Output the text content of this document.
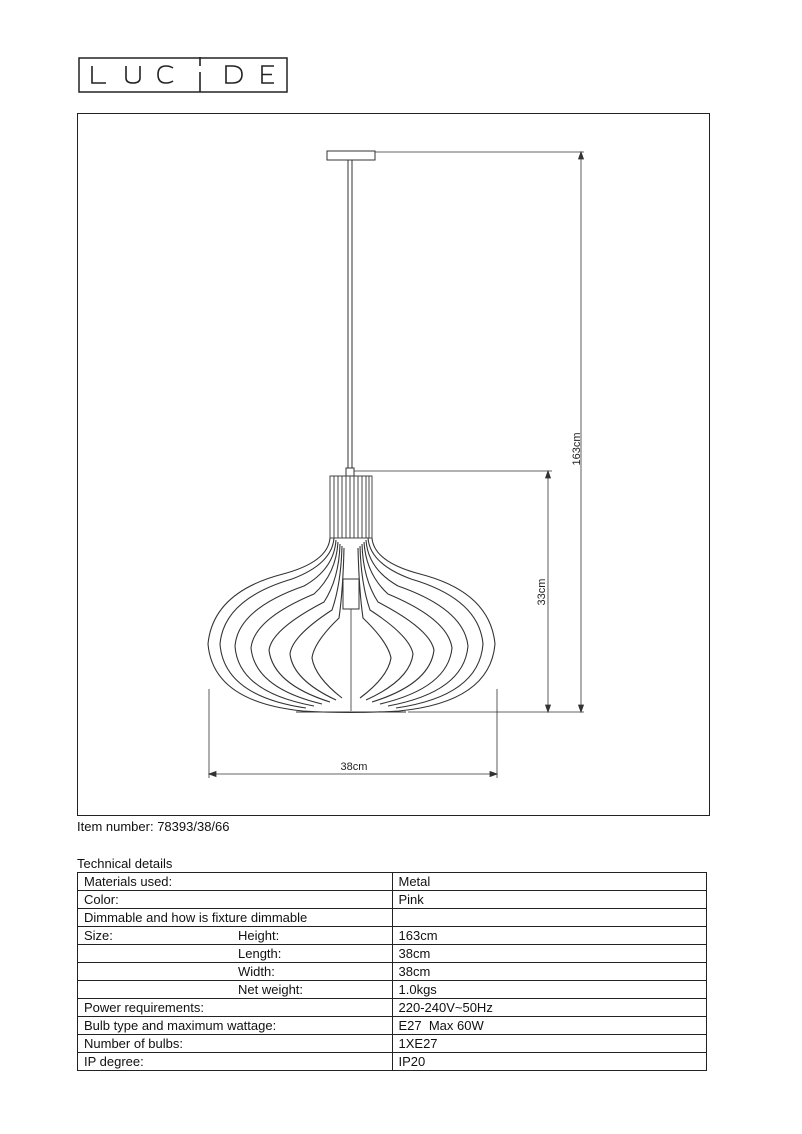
163cm
33cm
38cm
Item number: 78393/38/66
Technical details
Materials used:	Metal
Color:	Pink
Dimmable and how is fixture dimmable	
Size: Height:	163cm

Length:	38cm

Width:	38cm

Net weight:	1.0kgs
Power requirements:	220-240V~50Hz
Bulb type and maximum wattage:	E27  Max 60W
Number of bulbs:	1XE27
IP degree:	IP20
